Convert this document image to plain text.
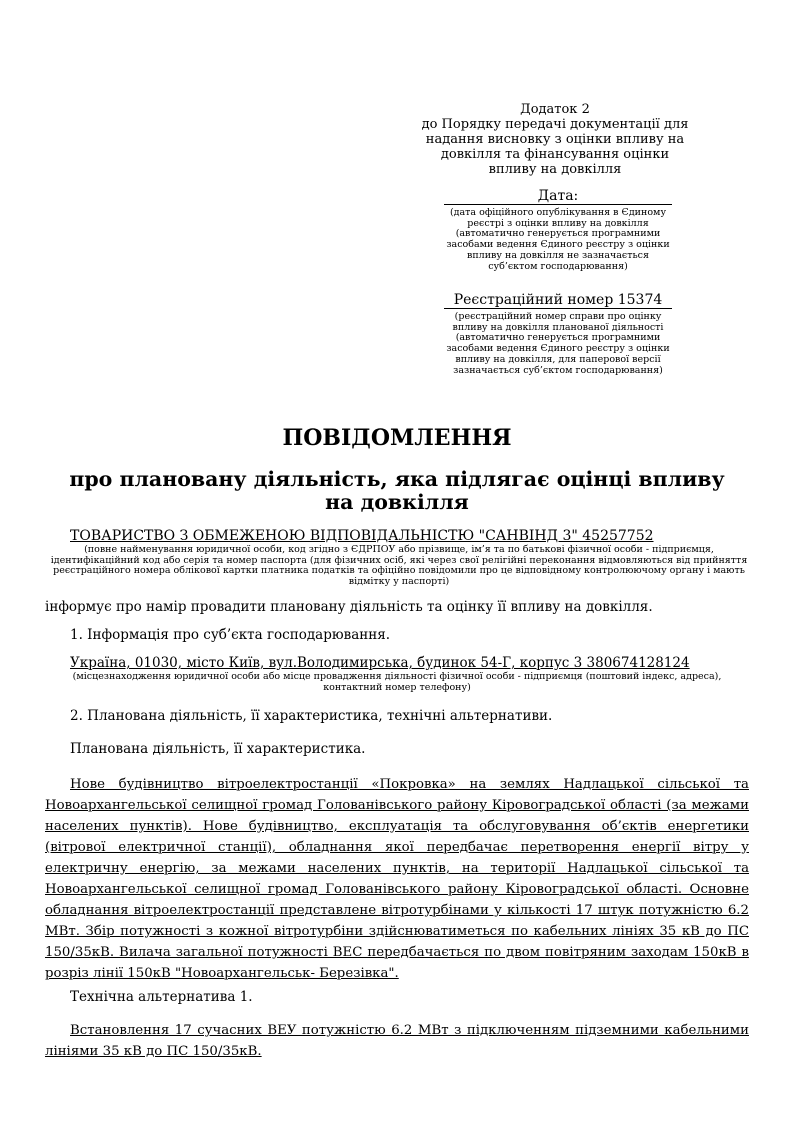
Додаток 2
до Порядку передачі документації для
надання висновку з оцінки впливу на
довкілля та фінансування оцінки
впливу на довкілля
Дата:
(дата офіційного опублікування в Єдиному реєстрі з оцінки впливу на довкілля (автоматично генерується програмними засобами ведення Єдиного реєстру з оцінки впливу на довкілля не зазначається суб’єктом господарювання)
Реєстраційний номер 15374
(реєстраційний номер справи про оцінку впливу на довкілля планованої діяльності (автоматично генерується програмними засобами ведення Єдиного реєстру з оцінки впливу на довкілля, для паперової версії зазначається суб’єктом господарювання)
ПОВІДОМЛЕННЯ
про плановану діяльність, яка підлягає оцінці впливу на довкілля
ТОВАРИСТВО З ОБМЕЖЕНОЮ ВІДПОВІДАЛЬНІСТЮ "САНВІНД 3" 45257752
(повне найменування юридичної особи, код згідно з ЄДРПОУ або прізвище, ім’я та по батькові фізичної особи - підприємця, ідентифікаційний код або серія та номер паспорта (для фізичних осіб, які через свої релігійні переконання відмовляються від прийняття реєстраційного номера облікової картки платника податків та офіційно повідомили про це відповідному контролюючому органу і мають відмітку у паспорті)
інформує про намір провадити плановану діяльність та оцінку її впливу на довкілля.
1. Інформація про суб’єкта господарювання.
Україна, 01030, місто Київ, вул.Володимирська, будинок 54-Г, корпус 3 380674128124
(місцезнаходження юридичної особи або місце провадження діяльності фізичної особи - підприємця (поштовий індекс, адреса), контактний номер телефону)
2. Планована діяльність, її характеристика, технічні альтернативи.
Планована діяльність, її характеристика.
Нове будівництво вітроелектростанції «Покровка» на землях Надлацької сільської та Новоархангельської селищної громад Голованівського району Кіровоградської області (за межами населених пунктів). Нове будівництво, експлуатація та обслуговування об’єктів енергетики (вітрової електричної станції), обладнання якої передбачає перетворення енергії вітру у електричну енергію, за межами населених пунктів, на території Надлацької сільської та Новоархангельської селищної громад Голованівського району Кіровоградської області. Основне обладнання вітроелектростанції представлене вітротурбінами у кількості 17 штук потужністю 6.2 МВт. Збір потужності з кожної вітротурбіни здійснюватиметься по кабельних лініях 35 кВ до ПС 150/35кВ. Вилача загальної потужності ВЕС передбачається по двом повітряним заходам 150кВ в розріз лінії 150кВ "Новоархангельськ- Березівка".
Технічна альтернатива 1.
Встановлення 17 сучасних ВЕУ потужністю 6.2 МВт з підключенням підземними кабельними лініями 35 кВ до ПС 150/35кВ.
